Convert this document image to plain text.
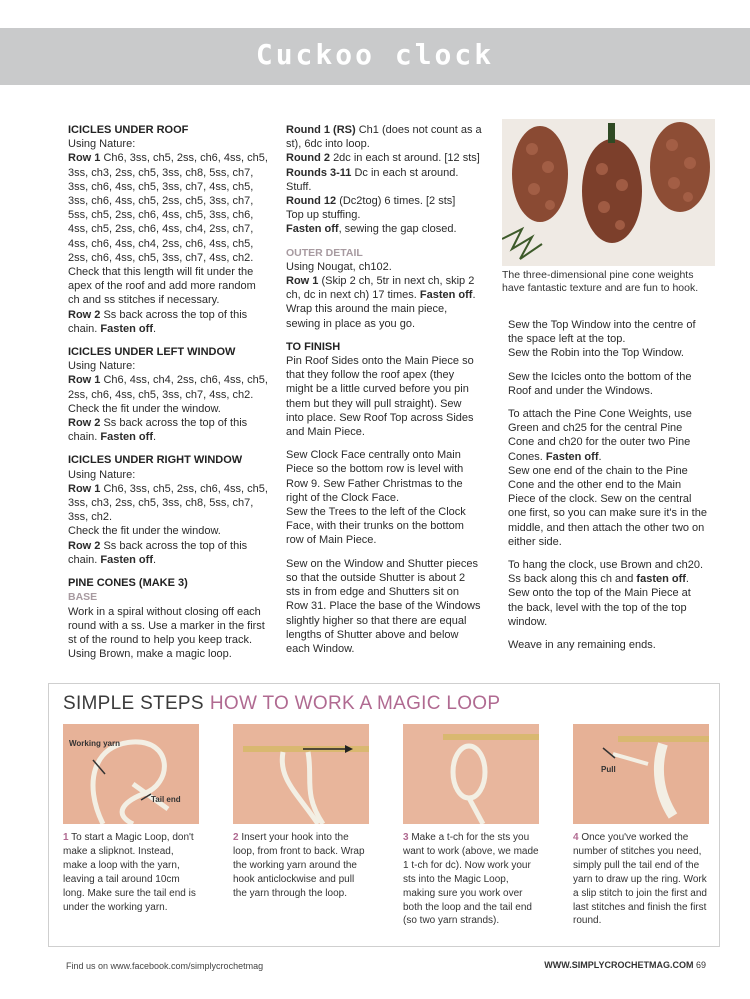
Cuckoo clock

ICICLES UNDER ROOF

Using Nature:

Row 1 Ch6, 3ss, ch5, 2ss, ch6, 4ss, ch5, 3ss, ch3, 2ss, ch5, 3ss, ch8, 5ss, ch7, 3ss, ch6, 4ss, ch5, 3ss, ch7, 4ss, ch5, 3ss, ch6, 4ss, ch5, 2ss, ch5, 3ss, ch7, 5ss, ch5, 2ss, ch6, 4ss, ch5, 3ss, ch6, 4ss, ch5, 2ss, ch6, 4ss, ch4, 2ss, ch7, 4ss, ch6, 4ss, ch4, 2ss, ch6, 4ss, ch5, 2ss, ch6, 4ss, ch5, 3ss, ch7, 4ss, ch2.

Check that this length will fit under the apex of the roof and add more random ch and ss stitches if necessary.

Row 2 Ss back across the top of this chain. Fasten off.

ICICLES UNDER LEFT WINDOW

Using Nature:

Row 1 Ch6, 4ss, ch4, 2ss, ch6, 4ss, ch5, 2ss, ch6, 4ss, ch5, 3ss, ch7, 4ss, ch2.

Check the fit under the window.

Row 2 Ss back across the top of this chain. Fasten off.

ICICLES UNDER RIGHT WINDOW

Using Nature:

Row 1 Ch6, 3ss, ch5, 2ss, ch6, 4ss, ch5, 3ss, ch3, 2ss, ch5, 3ss, ch8, 5ss, ch7, 3ss, ch2.

Check the fit under the window.

Row 2 Ss back across the top of this chain. Fasten off.

PINE CONES (MAKE 3)

BASE

Work in a spiral without closing off each round with a ss. Use a marker in the first st of the round to help you keep track. Using Brown, make a magic loop.

Round 1 (RS) Ch1 (does not count as a st), 6dc into loop.

Round 2 2dc in each st around. [12 sts]

Rounds 3-11 Dc in each st around.

Stuff.

Round 12 (Dc2tog) 6 times. [2 sts]

Top up stuffing.

Fasten off, sewing the gap closed.

OUTER DETAIL

Using Nougat, ch102.

Row 1 (Skip 2 ch, 5tr in next ch, skip 2 ch, dc in next ch) 17 times. Fasten off. Wrap this around the main piece, sewing in place as you go.

TO FINISH

Pin Roof Sides onto the Main Piece so that they follow the roof apex (they might be a little curved before you pin them but they will pull straight). Sew into place. Sew Roof Top across Sides and Main Piece.

Sew Clock Face centrally onto Main Piece so the bottom row is level with Row 9. Sew Father Christmas to the right of the Clock Face.

Sew the Trees to the left of the Clock Face, with their trunks on the bottom row of Main Piece.

Sew on the Window and Shutter pieces so that the outside Shutter is about 2 sts in from edge and Shutters sit on Row 31. Place the base of the Windows slightly higher so that there are equal lengths of Shutter above and below each Window.

The three-dimensional pine cone weights have fantastic texture and are fun to hook.

Sew the Top Window into the centre of the space left at the top.

Sew the Robin into the Top Window.

Sew the Icicles onto the bottom of the Roof and under the Windows.

To attach the Pine Cone Weights, use Green and ch25 for the central Pine Cone and ch20 for the outer two Pine Cones. Fasten off.

Sew one end of the chain to the Pine Cone and the other end to the Main Piece of the clock. Sew on the central one first, so you can make sure it's in the middle, and then attach the other two on either side.

To hang the clock, use Brown and ch20. Ss back along this ch and fasten off. Sew onto the top of the Main Piece at the back, level with the top of the top window.

Weave in any remaining ends.

SIMPLE STEPS HOW TO WORK A MAGIC LOOP
Working yarn
Tail end
Pull
1 To start a Magic Loop, don't make a slipknot. Instead, make a loop with the yarn, leaving a tail around 10cm long. Make sure the tail end is under the working yarn.
2 Insert your hook into the loop, from front to back. Wrap the working yarn around the hook anticlockwise and pull the yarn through the loop.
3 Make a t-ch for the sts you want to work (above, we made 1 t-ch for dc). Now work your sts into the Magic Loop, making sure you work over both the loop and the tail end (so two yarn strands).
4 Once you've worked the number of stitches you need, simply pull the tail end of the yarn to draw up the ring. Work a slip stitch to join the first and last stitches and finish the first round.
Find us on www.facebook.com/simplycrochetmag	WWW.SIMPLYCROCHETMAG.COM 69
